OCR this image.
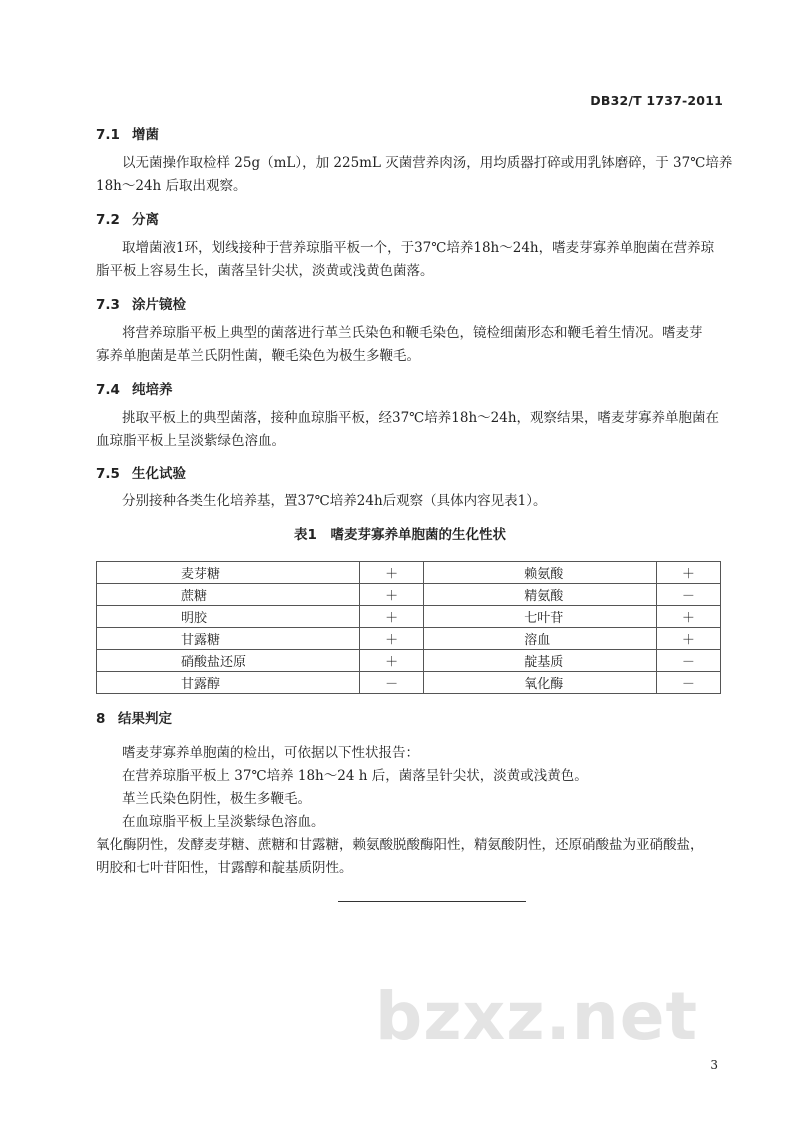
DB32/T 1737-2011
7.1 增菌
以无菌操作取检样 25g（mL），加 225mL 灭菌营养肉汤，用均质器打碎或用乳钵磨碎，于 37℃培养
18h～24h 后取出观察。
7.2 分离
取增菌液1环，划线接种于营养琼脂平板一个，于37℃培养18h～24h，嗜麦芽寡养单胞菌在营养琼
脂平板上容易生长，菌落呈针尖状，淡黄或浅黄色菌落。
7.3 涂片镜检
将营养琼脂平板上典型的菌落进行革兰氏染色和鞭毛染色，镜检细菌形态和鞭毛着生情况。嗜麦芽
寡养单胞菌是革兰氏阴性菌，鞭毛染色为极生多鞭毛。
7.4 纯培养
挑取平板上的典型菌落，接种血琼脂平板，经37℃培养18h～24h，观察结果，嗜麦芽寡养单胞菌在
血琼脂平板上呈淡紫绿色溶血。
7.5 生化试验
分别接种各类生化培养基，置37℃培养24h后观察（具体内容见表1）。
表1　嗜麦芽寡养单胞菌的生化性状
麦芽糖	＋	赖氨酸	＋
蔗糖	＋	精氨酸	－
明胶	＋	七叶苷	＋
甘露糖	＋	溶血	＋
硝酸盐还原	＋	靛基质	－
甘露醇	－	氧化酶	－
8 结果判定
嗜麦芽寡养单胞菌的检出，可依据以下性状报告：
在营养琼脂平板上 37℃培养 18h～24 h 后，菌落呈针尖状，淡黄或浅黄色。
革兰氏染色阴性，极生多鞭毛。
在血琼脂平板上呈淡紫绿色溶血。
氧化酶阴性，发酵麦芽糖、蔗糖和甘露糖，赖氨酸脱酸酶阳性，精氨酸阴性，还原硝酸盐为亚硝酸盐，
明胶和七叶苷阳性，甘露醇和靛基质阴性。
bzxz.net
3
